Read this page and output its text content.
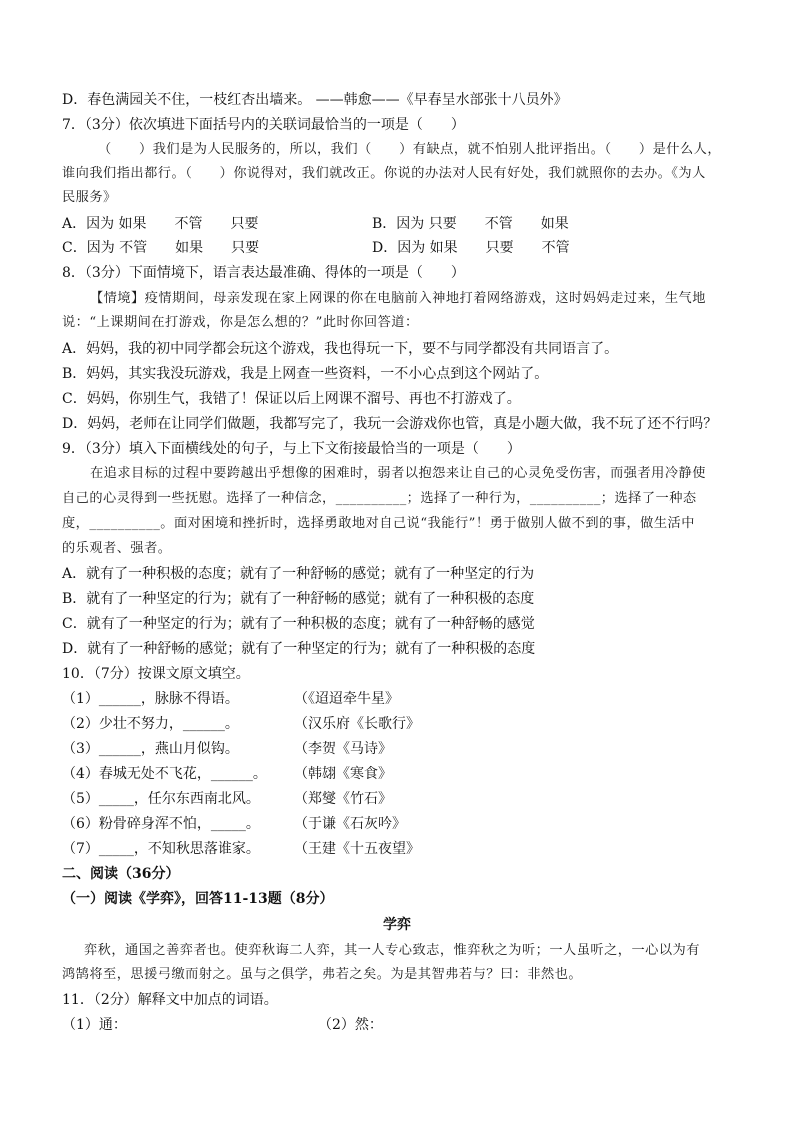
D．春色满园关不住，一枝红杏出墙来。 ——韩愈——《早春呈水部张十八员外》
7．（3分）依次填进下面括号内的关联词最恰当的一项是（　　）
（　　）我们是为人民服务的，所以，我们（　　）有缺点，就不怕别人批评指出。（　　）是什么人，
谁向我们指出都行。（　　）你说得对，我们就改正。你说的办法对人民有好处，我们就照你的去办。《为人
民服务》
A．因为 如果　　不管　　只要	B．因为 只要　　不管　　如果
C．因为 不管　　如果　　只要	D．因为 如果　　只要　　不管
8．（3分）下面情境下，语言表达最准确、得体的一项是（　　）
【情境】疫情期间，母亲发现在家上网课的你在电脑前入神地打着网络游戏，这时妈妈走过来，生气地
说：“上课期间在打游戏，你是怎么想的？”此时你回答道：
A．妈妈，我的初中同学都会玩这个游戏，我也得玩一下，要不与同学都没有共同语言了。
B．妈妈，其实我没玩游戏，我是上网查一些资料，一不小心点到这个网站了。
C．妈妈，你别生气，我错了！保证以后上网课不溜号、再也不打游戏了。
D．妈妈，老师在让同学们做题，我都写完了，我玩一会游戏你也管，真是小题大做，我不玩了还不行吗？
9．（3分）填入下面横线处的句子，与上下文衔接最恰当的一项是（　　）
在追求目标的过程中要跨越出乎想像的困难时，弱者以抱怨来让自己的心灵免受伤害，而强者用冷静使
自己的心灵得到一些抚慰。选择了一种信念，__________；选择了一种行为，__________；选择了一种态
度，__________。面对困境和挫折时，选择勇敢地对自己说“我能行”！勇于做别人做不到的事，做生活中
的乐观者、强者。
A．就有了一种积极的态度；就有了一种舒畅的感觉；就有了一种坚定的行为
B．就有了一种坚定的行为；就有了一种舒畅的感觉；就有了一种积极的态度
C．就有了一种坚定的行为；就有了一种积极的态度；就有了一种舒畅的感觉
D．就有了一种舒畅的感觉；就有了一种坚定的行为；就有了一种积极的态度
10．（7分）按课文原文填空。
（1）______，脉脉不得语。	（《迢迢牵牛星》
（2）少壮不努力，______。	（汉乐府《长歌行》
（3）______，燕山月似钩。	（李贺《马诗》
（4）春城无处不飞花，______。	（韩翃《寒食》
（5）_____，任尔东西南北风。	（郑燮《竹石》
（6）粉骨碎身浑不怕，_____。	（于谦《石灰吟》
（7）_____，不知秋思落谁家。	（王建《十五夜望》
二、阅读（36分）
（一）阅读《学弈》，回答11-13题（8分）
学弈
弈秋，通国之善弈者也。使弈秋诲二人弈，其一人专心致志，惟弈秋之为听；一人虽听之，一心以为有
鸿鹄将至，思援弓缴而射之。虽与之俱学，弗若之矣。为是其智弗若与？曰：非然也。
11．（2分）解释文中加点的词语。
（1）通：	（2）然：
